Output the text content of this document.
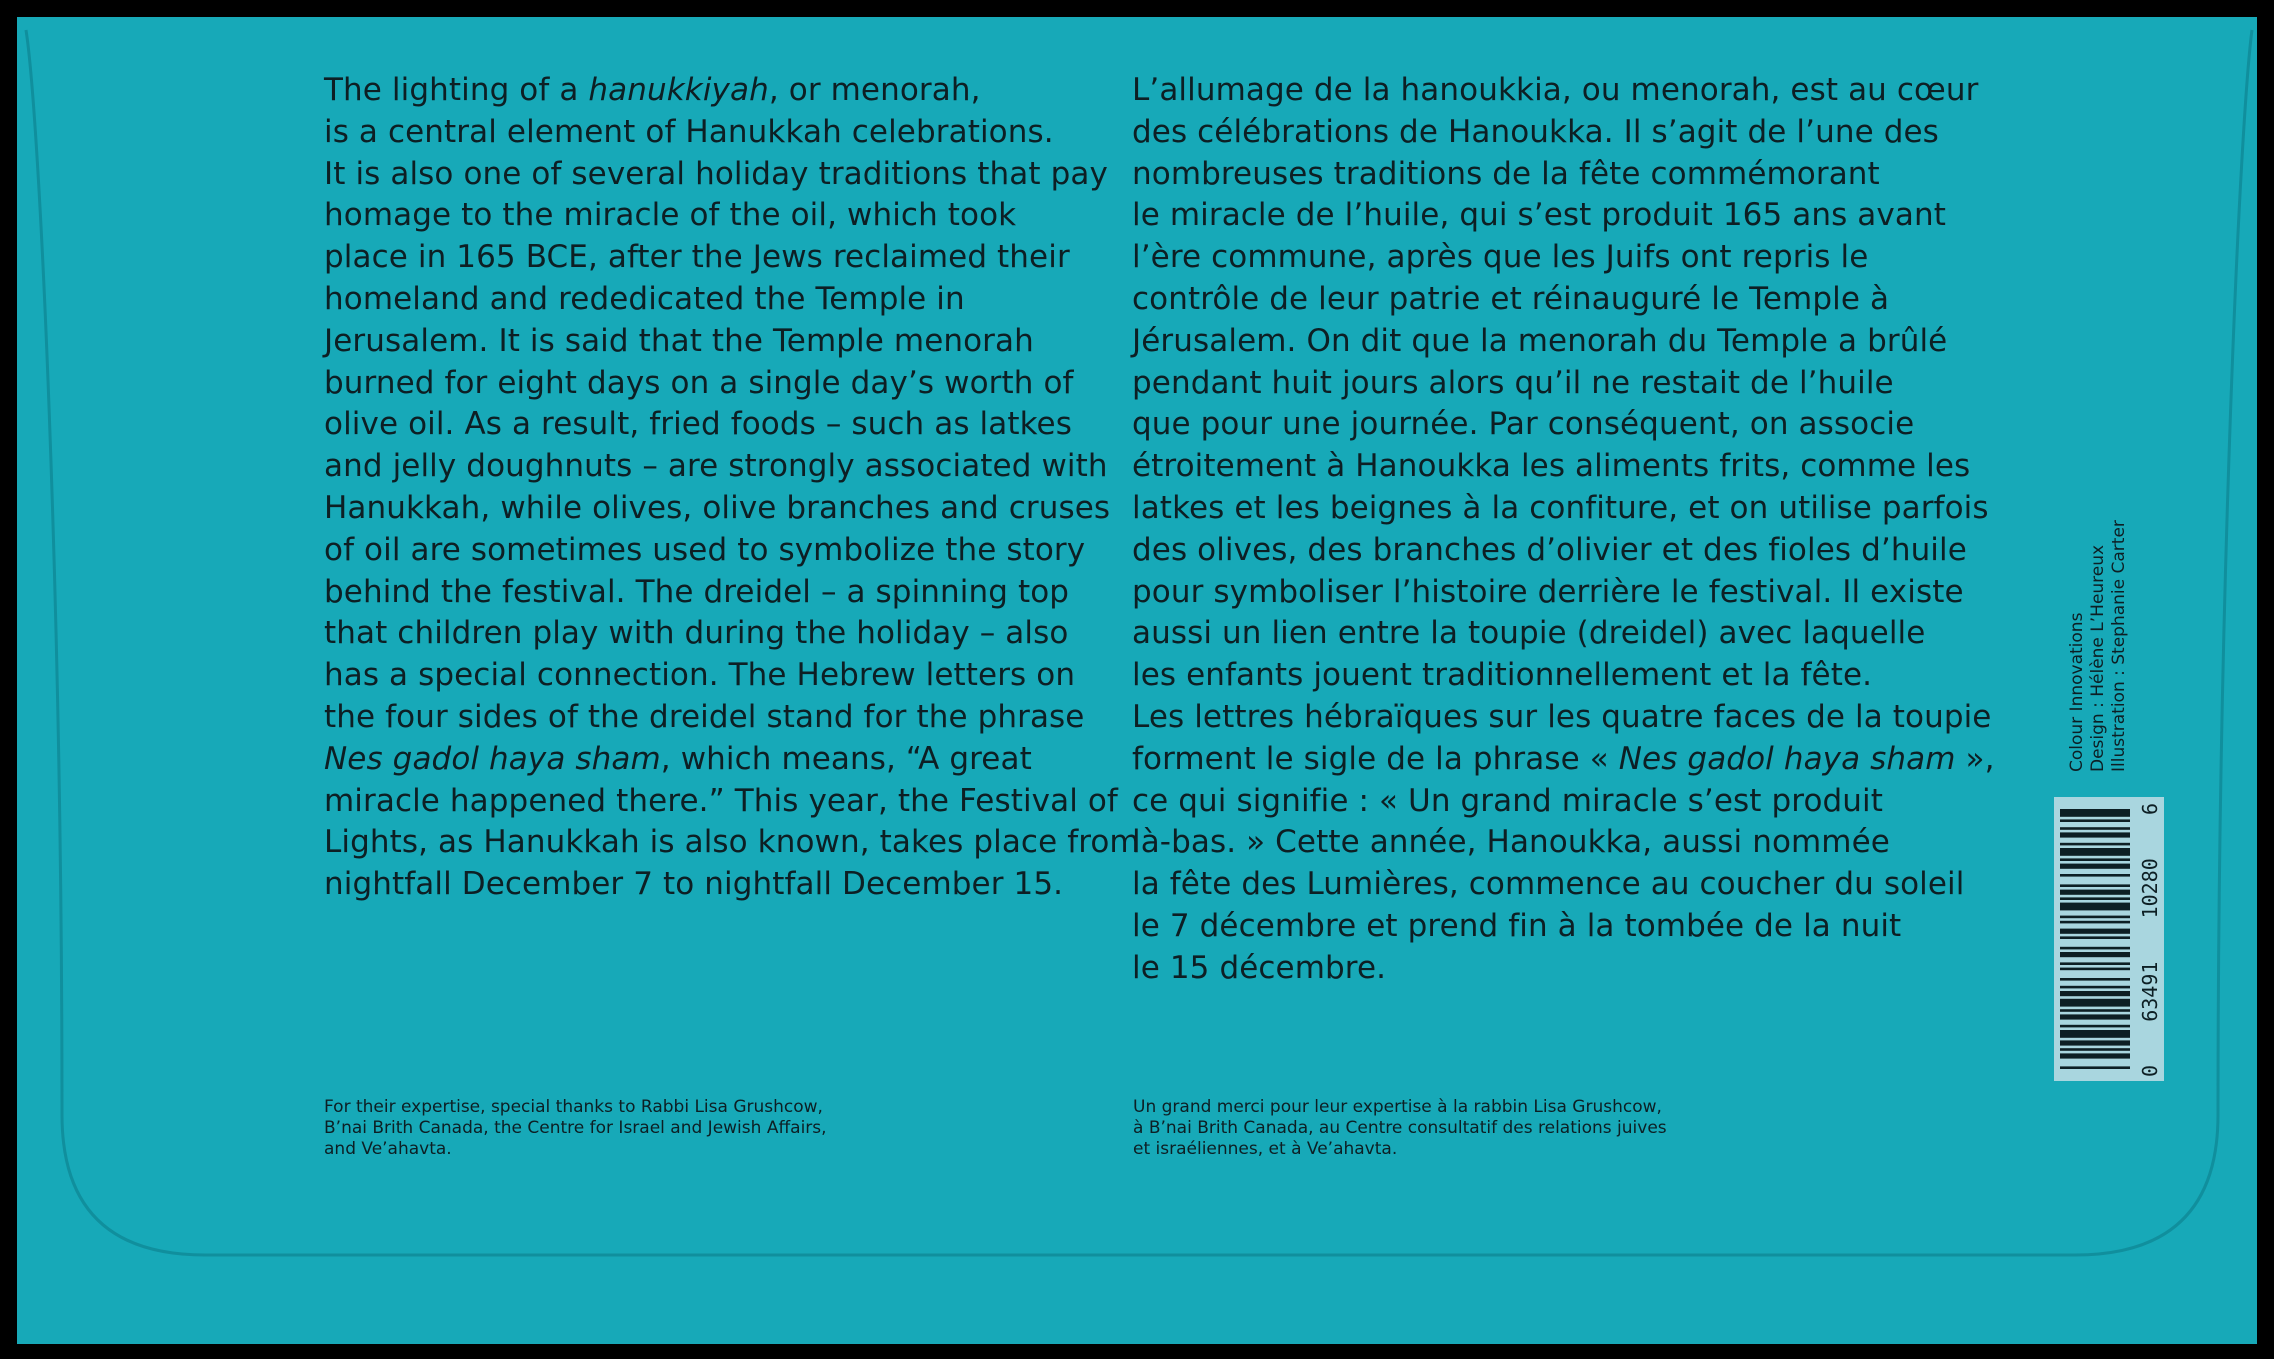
The lighting of a hanukkiyah, or menorah,
is a central element of Hanukkah celebrations.
It is also one of several holiday traditions that pay
homage to the miracle of the oil, which took
place in 165 BCE, after the Jews reclaimed their
homeland and rededicated the Temple in
Jerusalem. It is said that the Temple menorah
burned for eight days on a single day’s worth of
olive oil. As a result, fried foods – such as latkes
and jelly doughnuts – are strongly associated with
Hanukkah, while olives, olive branches and cruses
of oil are sometimes used to symbolize the story
behind the festival. The dreidel – a spinning top
that children play with during the holiday – also
has a special connection. The Hebrew letters on
the four sides of the dreidel stand for the phrase
Nes gadol haya sham, which means, “A great
miracle happened there.” This year, the Festival of
Lights, as Hanukkah is also known, takes place from
nightfall December 7 to nightfall December 15.
L’allumage de la hanoukkia, ou menorah, est au cœur
des célébrations de Hanoukka. Il s’agit de l’une des
nombreuses traditions de la fête commémorant
le miracle de l’huile, qui s’est produit 165 ans avant
l’ère commune, après que les Juifs ont repris le
contrôle de leur patrie et réinauguré le Temple à
Jérusalem. On dit que la menorah du Temple a brûlé
pendant huit jours alors qu’il ne restait de l’huile
que pour une journée. Par conséquent, on associe
étroitement à Hanoukka les aliments frits, comme les
latkes et les beignes à la confiture, et on utilise parfois
des olives, des branches d’olivier et des fioles d’huile
pour symboliser l’histoire derrière le festival. Il existe
aussi un lien entre la toupie (dreidel) avec laquelle
les enfants jouent traditionnellement et la fête.
Les lettres hébraïques sur les quatre faces de la toupie
forment le sigle de la phrase « Nes gadol haya sham »,
ce qui signifie : « Un grand miracle s’est produit
là-bas. » Cette année, Hanoukka, aussi nommée
la fête des Lumières, commence au coucher du soleil
le 7 décembre et prend fin à la tombée de la nuit
le 15 décembre.
For their expertise, special thanks to Rabbi Lisa Grushcow,
B’nai Brith Canada, the Centre for Israel and Jewish Affairs,
and Ve’ahavta.
Un grand merci pour leur expertise à la rabbin Lisa Grushcow,
à B’nai Brith Canada, au Centre consultatif des relations juives
et israéliennes, et à Ve’ahavta.
Colour Innovations Design : Hélène L’Heureux Illustration : Stephanie Carter
0
63491
10280
6
